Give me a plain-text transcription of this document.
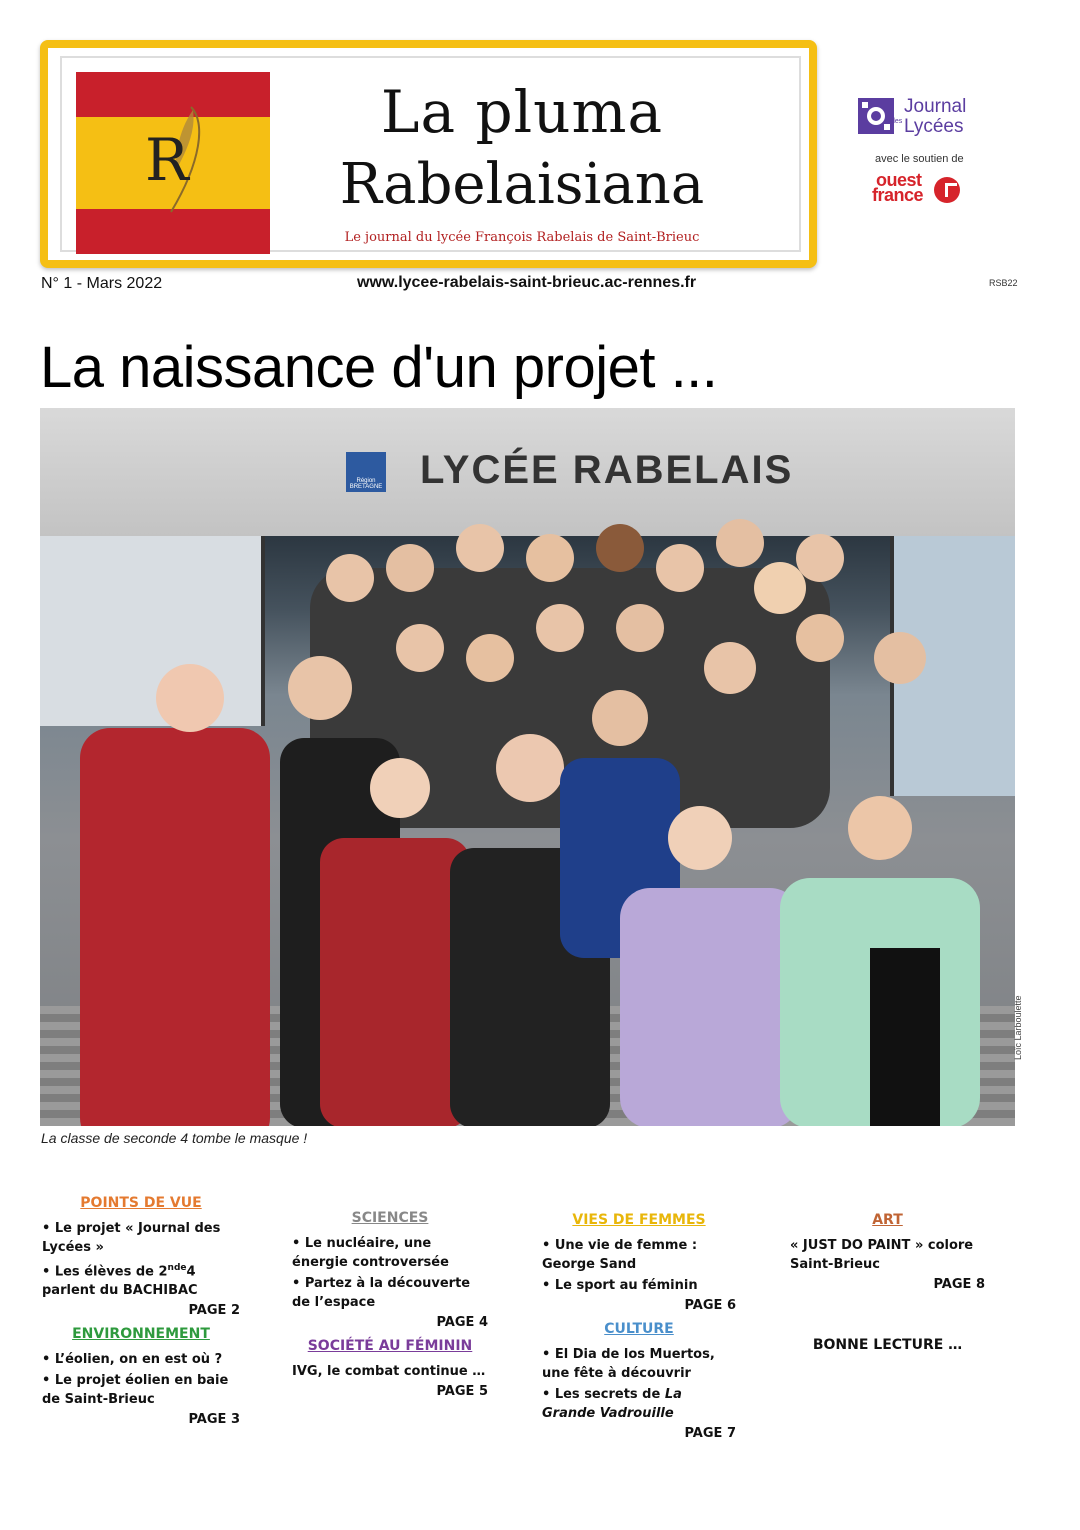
R
La pluma
Rabelaisiana
Le journal du lycée François Rabelais de Saint-Brieuc
Journal
des Lycées
avec le soutien de
ouest
france
N° 1 - Mars 2022	www.lycee-rabelais-saint-brieuc.ac-rennes.fr	RSB22
La naissance d'un projet ...
Région BRETAGNE LYCÉE RABELAIS
Loïc Larboulette
La classe de seconde 4 tombe le masque !
POINTS DE VUE
• Le projet « Journal des Lycées »
• Les élèves de 2nde4 parlent du BACHIBAC
PAGE 2
ENVIRONNEMENT
• L’éolien, on en est où ?
• Le projet éolien en baie de Saint-Brieuc
PAGE 3
SCIENCES
• Le nucléaire, une énergie controversée
• Partez à la découverte de l’espace
PAGE 4
SOCIÉTÉ AU FÉMININ
IVG, le combat continue …
PAGE 5
VIES DE FEMMES
• Une vie de femme : George Sand
• Le sport au féminin
PAGE 6
CULTURE
• El Dia de los Muertos, une fête à découvrir
• Les secrets de La Grande Vadrouille
PAGE 7
ART
« JUST DO PAINT » colore Saint-Brieuc
PAGE 8
BONNE LECTURE …
